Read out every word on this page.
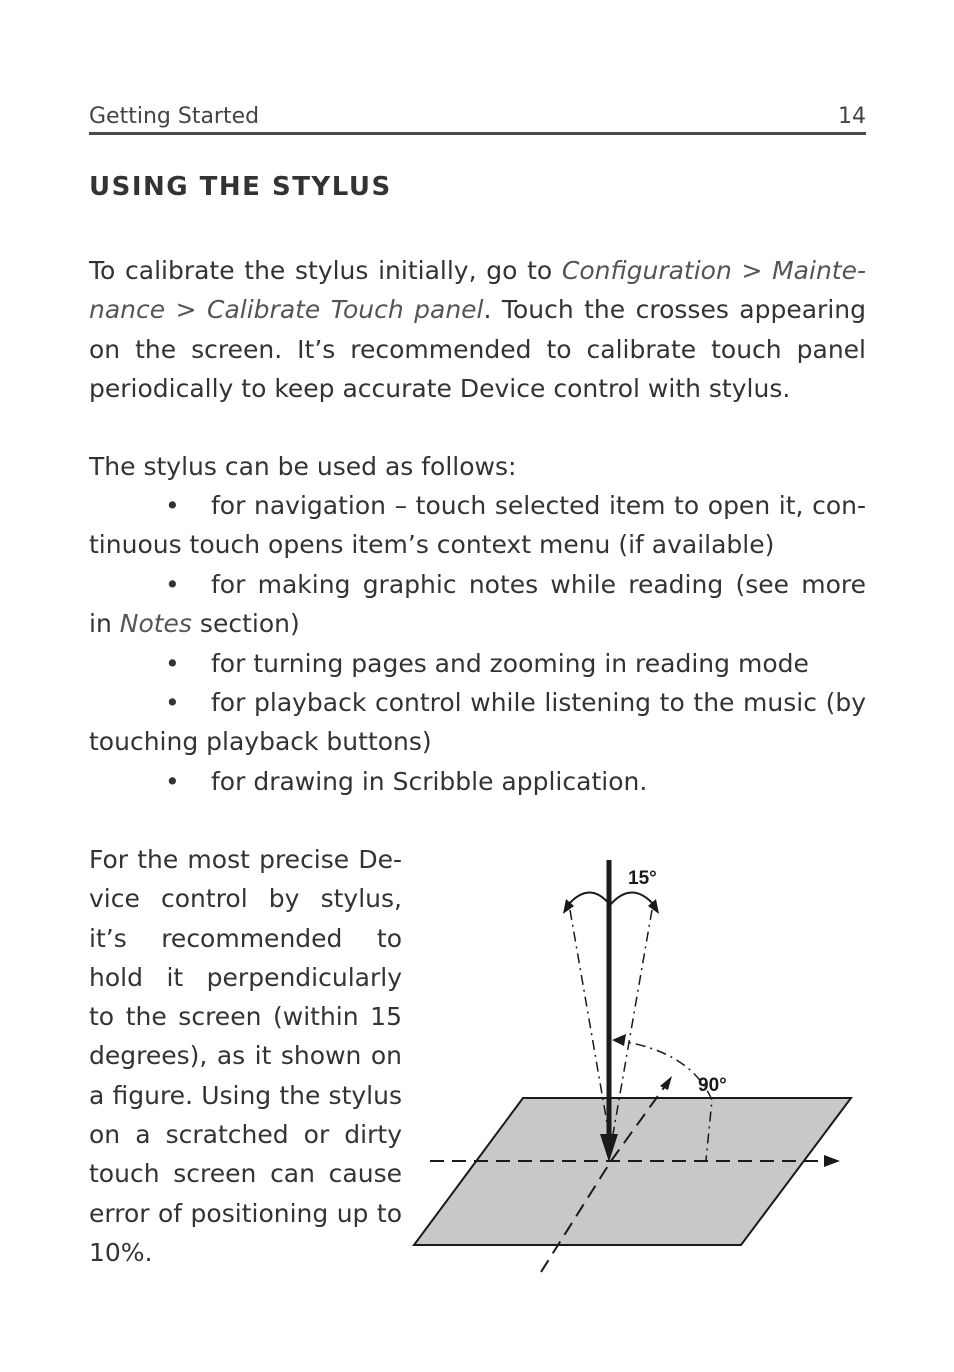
Getting Started	14
USING THE STYLUS
To calibrate the stylus initially, go to Configuration > Maintenance > Calibrate Touch panel. Touch the crosses appearing on the screen. It’s recommended to calibrate touch panel periodically to keep accurate Device control with stylus.
The stylus can be used as follows:
• for navigation – touch selected item to open it, continuous touch opens item’s context menu (if available)
• for making graphic notes while reading (see more in Notes section)
• for turning pages and zooming in reading mode
• for playback control while listening to the music (by touching playback buttons)
• for drawing in Scribble application.
For the most precise Device control by stylus, it’s recommended to hold it perpendicularly to the screen (within 15 degrees), as it shown on a figure. Using the stylus on a scratched or dirty touch screen can cause error of positioning up to 10%.
15°
90°
